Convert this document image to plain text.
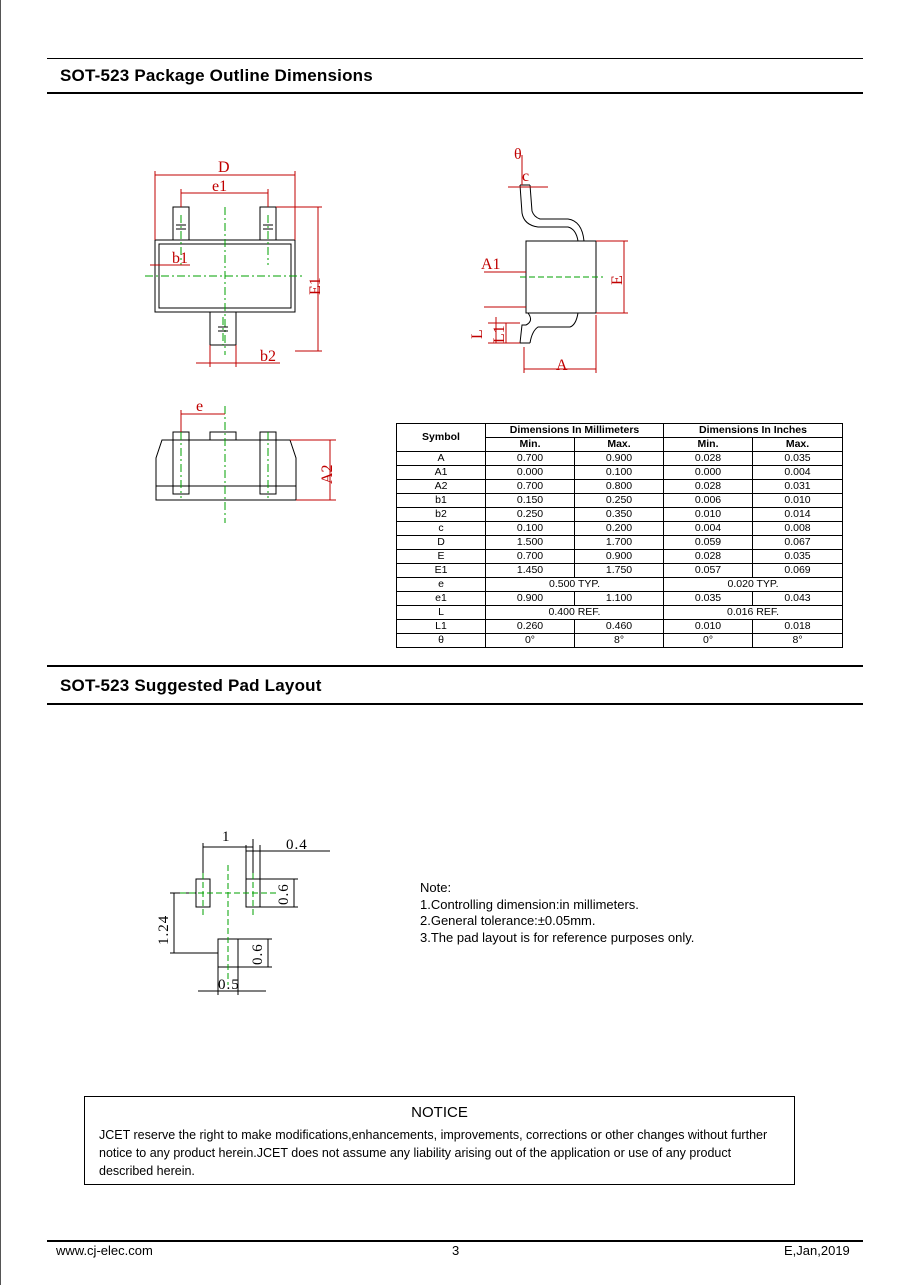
SOT-523 Package Outline Dimensions
D
e1
b1
b2
E1
θ
c
A1
E
L L1
A
e
A2
Symbol	Dimensions In Millimeters		Dimensions In Inches	
	Min.	Max.	Min.	Max.
A	0.700	0.900	0.028	0.035
A1	0.000	0.100	0.000	0.004
A2	0.700	0.800	0.028	0.031
b1	0.150	0.250	0.006	0.010
b2	0.250	0.350	0.010	0.014
c	0.100	0.200	0.004	0.008
D	1.500	1.700	0.059	0.067
E	0.700	0.900	0.028	0.035
E1	1.450	1.750	0.057	0.069
e	0.500 TYP.		0.020 TYP.	
e1	0.900	1.100	0.035	0.043
L	0.400 REF.		0.016 REF.	
L1	0.260	0.460	0.010	0.018
θ	0°	8°	0°	8°
SOT-523 Suggested Pad Layout
1	0.4
0.6
1.24
0.6
0.5
Note:
1.Controlling dimension:in millimeters.
2.General tolerance:±0.05mm.
3.The pad layout is for reference purposes only.
NOTICE
JCET reserve the right to make modifications,enhancements, improvements, corrections or other changes without further notice to any product herein.JCET does not assume any liability arising out of the application or use of any product described herein.
www.cj-elec.com	3	E,Jan,2019
